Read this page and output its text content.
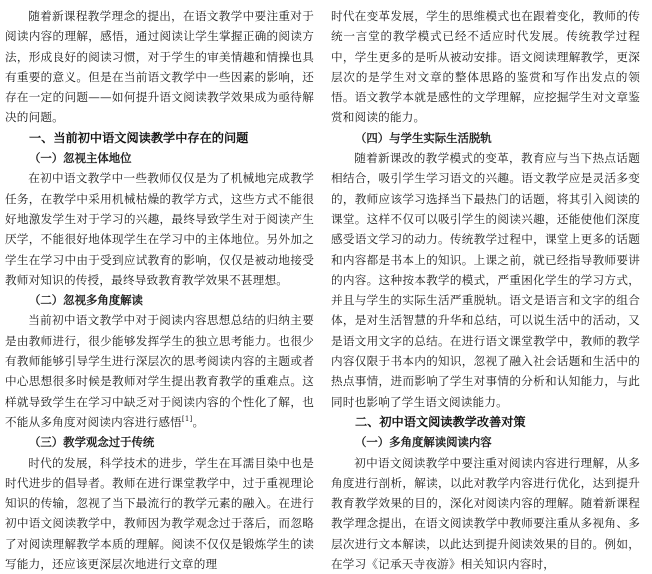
随着新课程教学理念的提出，在语文教学中要注重对于阅读内容的理解，感悟，通过阅读让学生掌握正确的阅读方法，形成良好的阅读习惯，对于学生的审美情趣和情操也具有重要的意义。但是在当前语文教学中一些因素的影响，还存在一定的问题——如何提升语文阅读教学效果成为亟待解决的问题。

一、当前初中语文阅读教学中存在的问题

（一）忽视主体地位

在初中语文教学中一些教师仅仅是为了机械地完成教学任务，在教学中采用机械枯燥的教学方式，这些方式不能很好地激发学生对于学习的兴趣，最终导致学生对于阅读产生厌学，不能很好地体现学生在学习中的主体地位。另外加之学生在学习中由于受到应试教育的影响，仅仅是被动地接受教师对知识的传授，最终导致教育教学效果不甚理想。

（二）忽视多角度解读

当前初中语文教学中对于阅读内容思想总结的归纳主要是由教师进行，很少能够发挥学生的独立思考能力。也很少有教师能够引导学生进行深层次的思考阅读内容的主题或者中心思想很多时候是教师对学生提出教育教学的重难点。这样就导致学生在学习中缺乏对于阅读内容的个性化了解，也不能从多角度对阅读内容进行感悟[1]。

（三）教学观念过于传统

时代的发展，科学技术的进步，学生在耳濡目染中也是时代进步的倡导者。教师在进行课堂教学中，过于重视理论知识的传输，忽视了当下最流行的教学元素的融入。在进行初中语文阅读教学中，教师因为教学观念过于落后，而忽略了对阅读理解教学本质的理解。阅读不仅仅是锻炼学生的读写能力，还应该更深层次地进行文章的理

时代在变革发展，学生的思维模式也在跟着变化，教师的传统一言堂的教学模式已经不适应时代发展。传统教学过程中，学生更多的是听从被动安排。语文阅读理解教学，更深层次的是学生对文章的整体思路的鉴赏和写作出发点的领悟。语文教学本就是感性的文学理解，应挖掘学生对文章鉴赏和阅读的能力。

（四）与学生实际生活脱轨

随着新课改的教学模式的变革，教育应与当下热点话题相结合，吸引学生学习语文的兴趣。语文教学应是灵活多变的，教师应该学习选择当下最热门的话题，将其引入阅读的课堂。这样不仅可以吸引学生的阅读兴趣，还能使他们深度感受语文学习的动力。传统教学过程中，课堂上更多的话题和内容都是书本上的知识。上课之前，就已经指导教师要讲的内容。这种按本教学的模式，严重困化学生的学习方式，并且与学生的实际生活严重脱轨。语文是语言和文字的组合体，是对生活智慧的升华和总结，可以说生活中的活动，又是语文用文字的总结。在进行语文课堂教学中，教师的教学内容仅限于书本内的知识，忽视了融入社会话题和生活中的热点事情，进而影响了学生对事情的分析和认知能力，与此同时也影响了学生语文阅读能力。

二、初中语文阅读教学改善对策

（一）多角度解读阅读内容

初中语文阅读教学中要注重对阅读内容进行理解，从多角度进行剖析，解读，以此对教学内容进行优化，达到提升教育教学效果的目的，深化对阅读内容的理解。随着新课程教学理念提出，在语文阅读教学中教师要注重从多视角、多层次进行文本解读，以此达到提升阅读效果的目的。例如，在学习《记承天寺夜游》相关知识内容时，
